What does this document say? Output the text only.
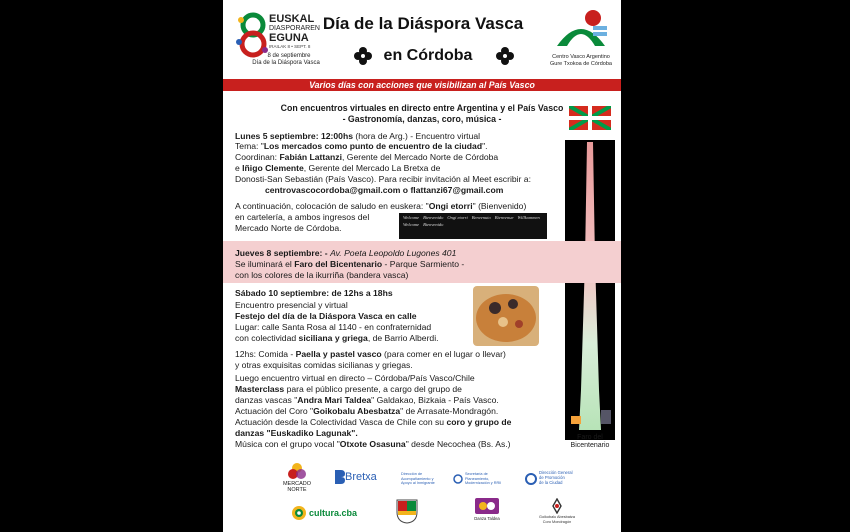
EUSKAL
DIASPORAREN
EGUNA
IRAILAK 8 • SEPT. 8
8 de septiembre
Día de la Diáspora Vasca
Día de la Diáspora Vasca
en Córdoba	Centro Vasco Argentino
Gure Txokoa de Córdoba
Varios días con acciones que visibilizan al País Vasco
Con encuentros virtuales en directo entre Argentina y el País Vasco
- Gastronomía, danzas, coro, música -
Faro del
Bicentenario
Lunes 5 septiembre: 12:00hs (hora de Arg.) - Encuentro virtual
Tema: "Los mercados como punto de encuentro de la ciudad".
Coordinan: Fabián Lattanzi, Gerente del Mercado Norte de Córdoba
e Iñigo Clemente, Gerente del Mercado La Bretxa de
Donosti-San Sebastián (País Vasco). Para recibir invitación al Meet escribir a:
centrovascocordoba@gmail.com o flattanzi67@gmail.com
A continuación, colocación de saludo en euskera: "Ongi etorri" (Bienvenido)
en cartelería, a ambos ingresos del
Mercado Norte de Córdoba.
Welcome Bienvenido Ongi etorri Benvenuto Bienvenue Willkommen
Welcome Bienvenido
Jueves 8 septiembre: - Av. Poeta Leopoldo Lugones 401
Se iluminará el Faro del Bicentenario - Parque Sarmiento -
con los colores de la ikurriña (bandera vasca)
Sábado 10 septiembre: de 12hs a 18hs
Encuentro presencial y virtual
Festejo del día de la Diáspora Vasca en calle
Lugar: calle Santa Rosa al 1140 - en confraternidad
con colectividad siciliana y griega, de Barrio Alberdi.
12hs: Comida - Paella y pastel vasco (para comer en el lugar o llevar)
y otras exquisitas comidas sicilianas y griegas.
Luego encuentro virtual en directo – Córdoba/País Vasco/Chile
Masterclass para el público presente, a cargo del grupo de
danzas vascas "Andra Mari Taldea" Galdakao, Bizkaia - País Vasco.
Actuación del Coro "Goikobalu Abesbatza" de Arrasate-Mondragón.
Actuación desde la Colectividad Vasca de Chile con su coro y grupo de
danzas "Euskadiko Lagunak".
Música con el grupo vocal "Otxote Osasuna" desde Necochea (Bs. As.)
MERCADO
NORTE
Bretxa	Dirección de
Acompañamiento y
Apoyo al Inmigrante
Secretaría de
Planeamiento,
Modernización y RRII
Dirección General
de Promoción
de la Ciudad
cultura.cba
Danza Taldea	Goikobalu Abesbatza
Coro Mondragón
